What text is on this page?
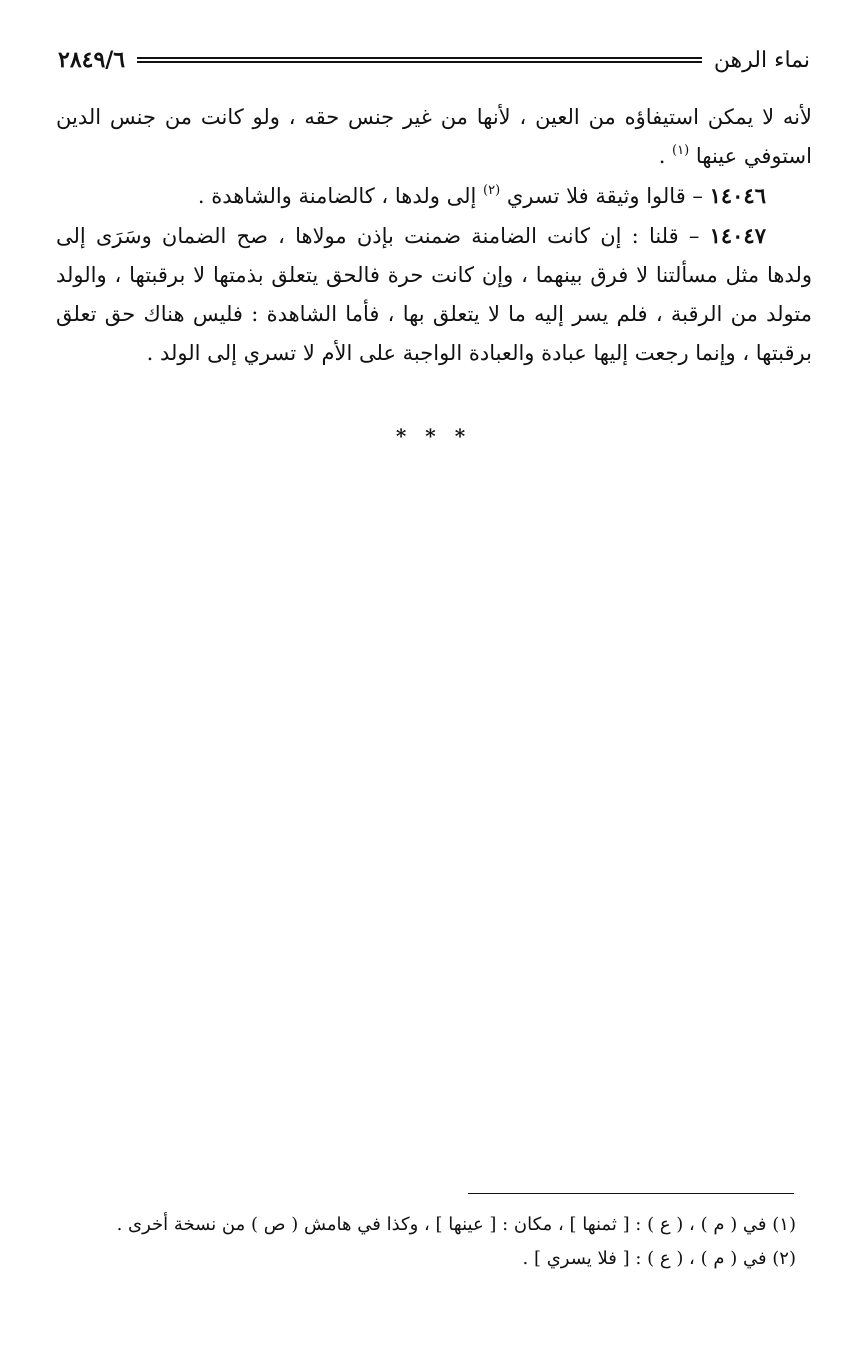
نماء الرهن
٢٨٤٩/٦

لأنه لا يمكن استيفاؤه من العين ، لأنها من غير جنس حقه ، ولو كانت من جنس الدين استوفي عينها $^{(١)}$ .

١٤٠٤٦ – قالوا وثيقة فلا تسري $^{(٢)}$ إلى ولدها ، كالضامنة والشاهدة .

١٤٠٤٧ – قلنا : إن كانت الضامنة ضمنت بإذن مولاها ، صح الضمان وسَرَى إلى ولدها مثل مسألتنا لا فرق بينهما ، وإن كانت حرة فالحق يتعلق بذمتها لا برقبتها ، والولد متولد من الرقبة ، فلم يسر إليه ما لا يتعلق بها ، فأما الشاهدة : فليس هناك حق تعلق برقبتها ، وإنما رجعت إليها عبادة والعبادة الواجبة على الأم لا تسري إلى الولد .

* * *

(١) في ( م ) ، ( ع ) : [ ثمنها ] ، مكان : [ عينها ] ، وكذا في هامش ( ص ) من نسخة أخرى .

(٢) في ( م ) ، ( ع ) : [ فلا يسري ] .
